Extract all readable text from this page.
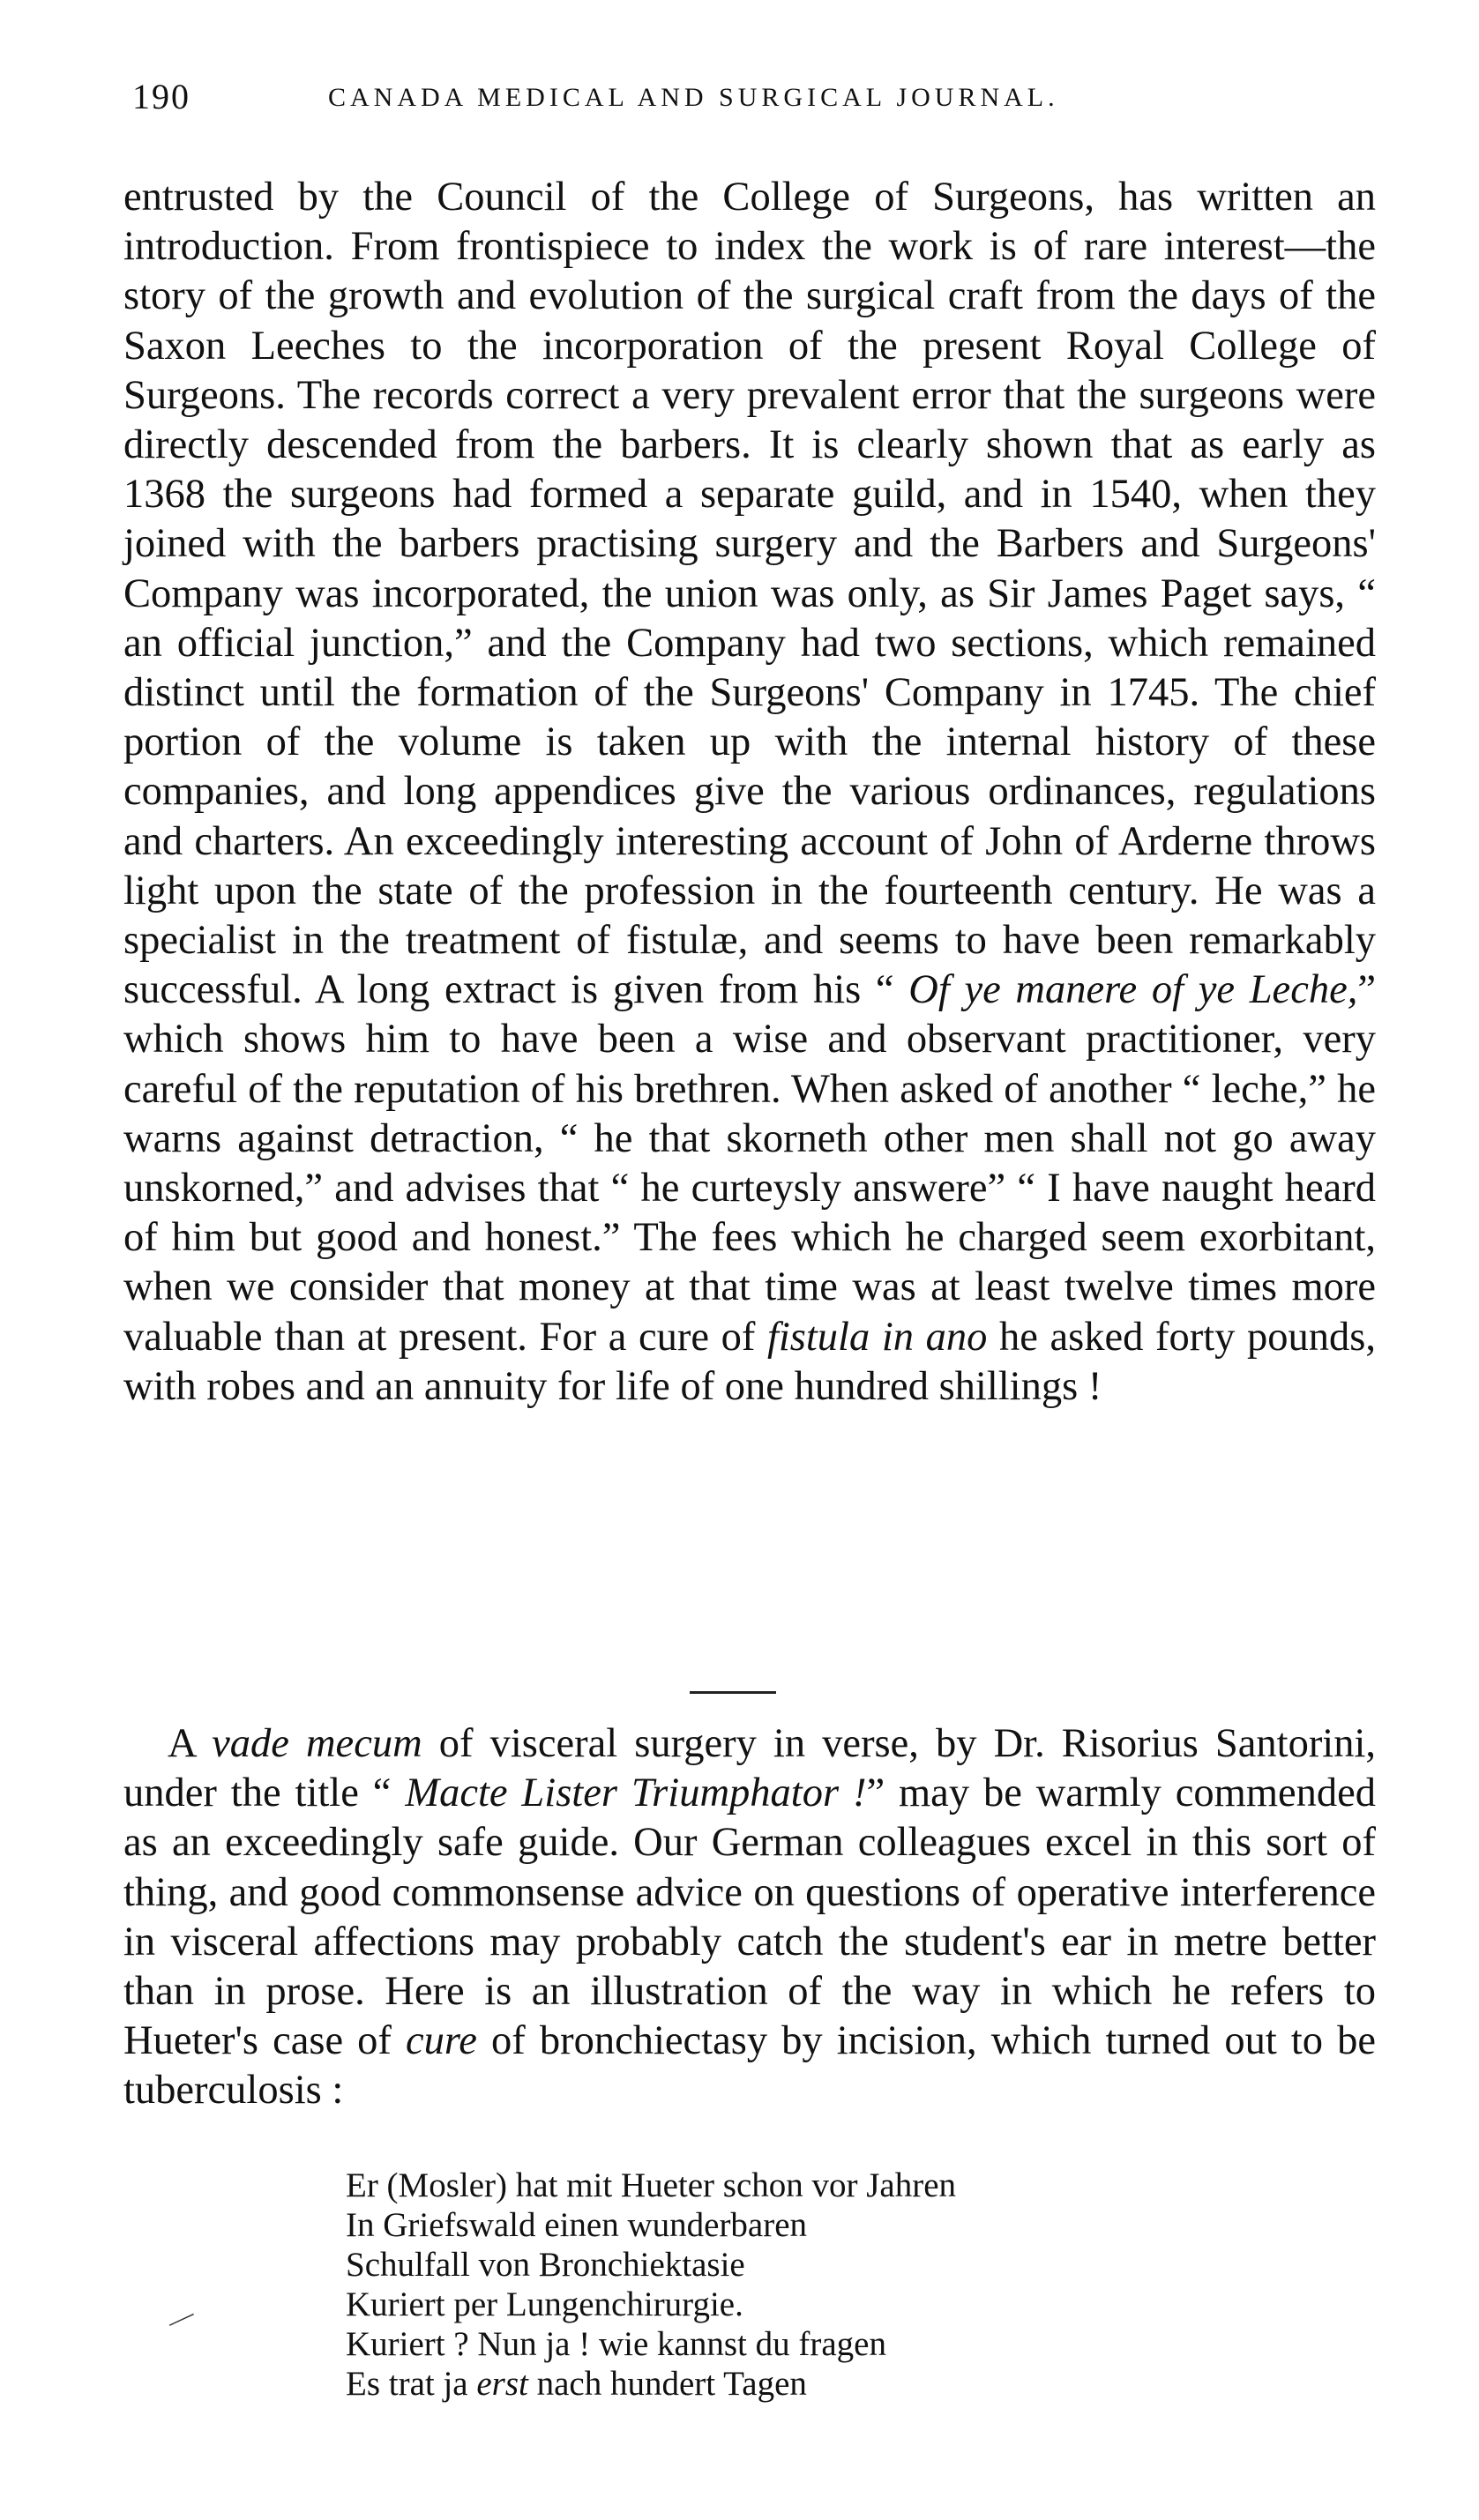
190	CANADA MEDICAL AND SURGICAL JOURNAL.

entrusted by the Council of the College of Surgeons, has written an introduction. From frontispiece to index the work is of rare interest—the story of the growth and evolution of the surgical craft from the days of the Saxon Leeches to the incorporation of the present Royal College of Surgeons. The records correct a very prevalent error that the surgeons were directly descended from the barbers. It is clearly shown that as early as 1368 the surgeons had formed a separate guild, and in 1540, when they joined with the barbers practising surgery and the Barbers and Surgeons' Company was incorporated, the union was only, as Sir James Paget says, “ an official junction,” and the Company had two sections, which remained distinct until the formation of the Surgeons' Company in 1745. The chief portion of the volume is taken up with the internal history of these companies, and long appendices give the various ordinances, regulations and charters. An exceedingly interesting account of John of Arderne throws light upon the state of the profession in the fourteenth century. He was a specialist in the treatment of fistulæ, and seems to have been remarkably successful. A long extract is given from his “ Of ye manere of ye Leche,” which shows him to have been a wise and observant practitioner, very careful of the reputation of his brethren. When asked of another “ leche,” he warns against detraction, “ he that skorneth other men shall not go away unskorned,” and advises that “ he curteysly answere” “ I have naught heard of him but good and honest.” The fees which he charged seem exorbitant, when we consider that money at that time was at least twelve times more valuable than at present. For a cure of fistula in ano he asked forty pounds, with robes and an annuity for life of one hundred shillings !

A vade mecum of visceral surgery in verse, by Dr. Risorius Santorini, under the title “ Macte Lister Triumphator !” may be warmly commended as an exceedingly safe guide. Our German colleagues excel in this sort of thing, and good commonsense advice on questions of operative interference in visceral affections may probably catch the student's ear in metre better than in prose. Here is an illustration of the way in which he refers to Hueter's case of cure of bronchiectasy by incision, which turned out to be tuberculosis :

Er (Mosler) hat mit Hueter schon vor Jahren
In Griefswald einen wunderbaren
Schulfall von Bronchiektasie
Kuriert per Lungenchirurgie.
Kuriert ? Nun ja ! wie kannst du fragen
Es trat ja erst nach hundert Tagen
—
